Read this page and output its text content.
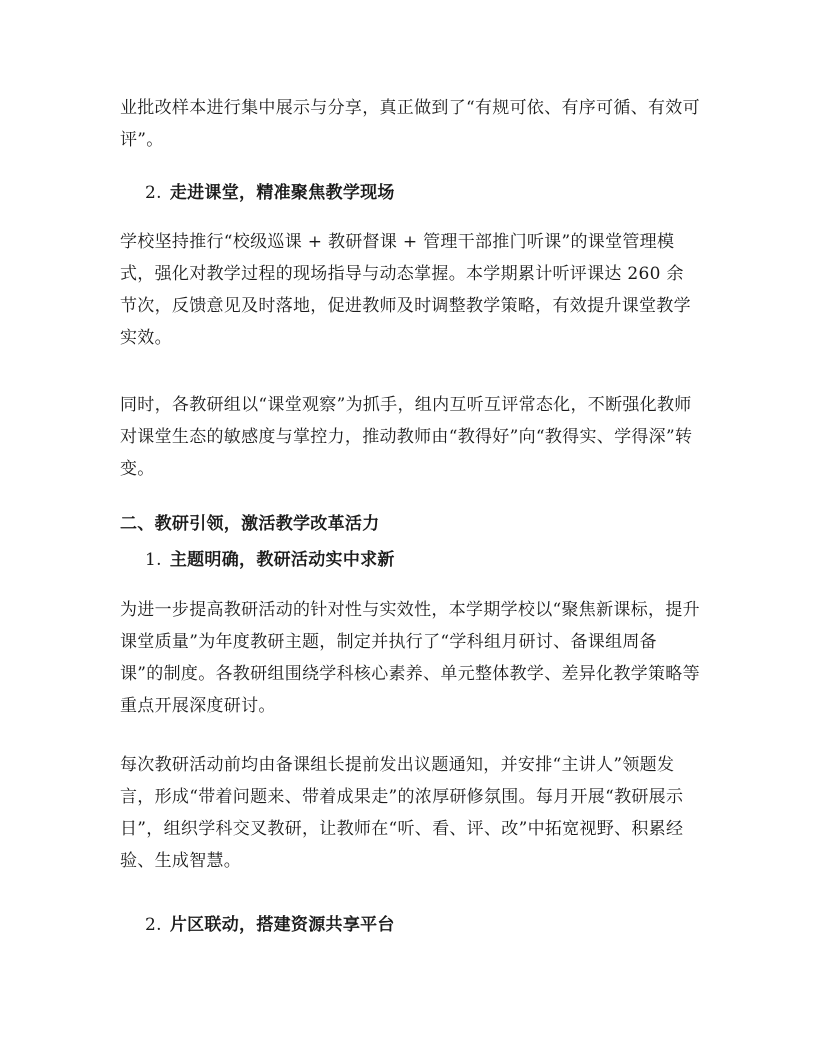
业批改样本进行集中展示与分享，真正做到了“有规可依、有序可循、有效可评”。

2. 走进课堂，精准聚焦教学现场

学校坚持推行“校级巡课 + 教研督课 + 管理干部推门听课”的课堂管理模式，强化对教学过程的现场指导与动态掌握。本学期累计听评课达 260 余节次，反馈意见及时落地，促进教师及时调整教学策略，有效提升课堂教学实效。

同时，各教研组以“课堂观察”为抓手，组内互听互评常态化，不断强化教师对课堂生态的敏感度与掌控力，推动教师由“教得好”向“教得实、学得深”转变。

二、教研引领，激活教学改革活力

1. 主题明确，教研活动实中求新

为进一步提高教研活动的针对性与实效性，本学期学校以“聚焦新课标，提升课堂质量”为年度教研主题，制定并执行了“学科组月研讨、备课组周备课”的制度。各教研组围绕学科核心素养、单元整体教学、差异化教学策略等重点开展深度研讨。

每次教研活动前均由备课组长提前发出议题通知，并安排“主讲人”领题发言，形成“带着问题来、带着成果走”的浓厚研修氛围。每月开展“教研展示日”，组织学科交叉教研，让教师在“听、看、评、改”中拓宽视野、积累经验、生成智慧。

2. 片区联动，搭建资源共享平台
